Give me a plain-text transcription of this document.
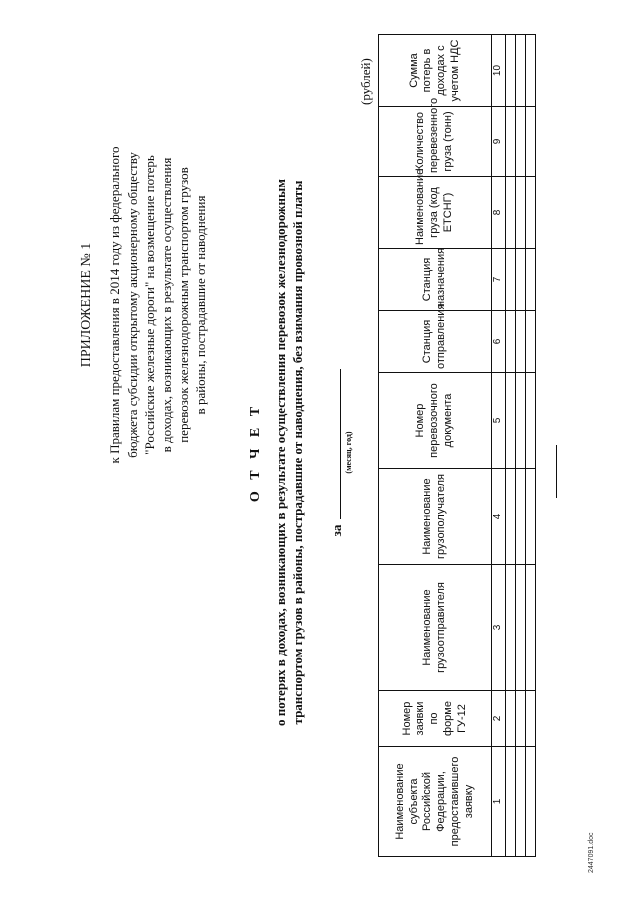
ПРИЛОЖЕНИЕ № 1 к Правилам предоставления в 2014 году из федерального бюджета субсидии открытому акционерному обществу "Российские железные дороги" на возмещение потерь в доходах, возникающих в результате осуществления перевозок железнодорожным транспортом грузов в районы, пострадавшие от наводнения
О Т Ч Е Т о потерях в доходах, возникающих в результате осуществления перевозок железнодорожным транспортом грузов в районы, пострадавшие от наводнения, без взимания провозной платы за
(месяц, год)
(рублей)
Наименование субъекта Российской Федерации, предоставившего заявку	Номер заявки по форме ГУ-12	Наименование грузоотправителя	Наименование грузополучателя	Номер перевозочного документа	Станция отправления	Станция назначения	Наименование груза (код ЕТСНГ)	Количество перевезенного груза (тонн)	Сумма потерь в доходах с учетом НДС
1	2	3	4	5	6	7	8	9	10

2447091.doc
